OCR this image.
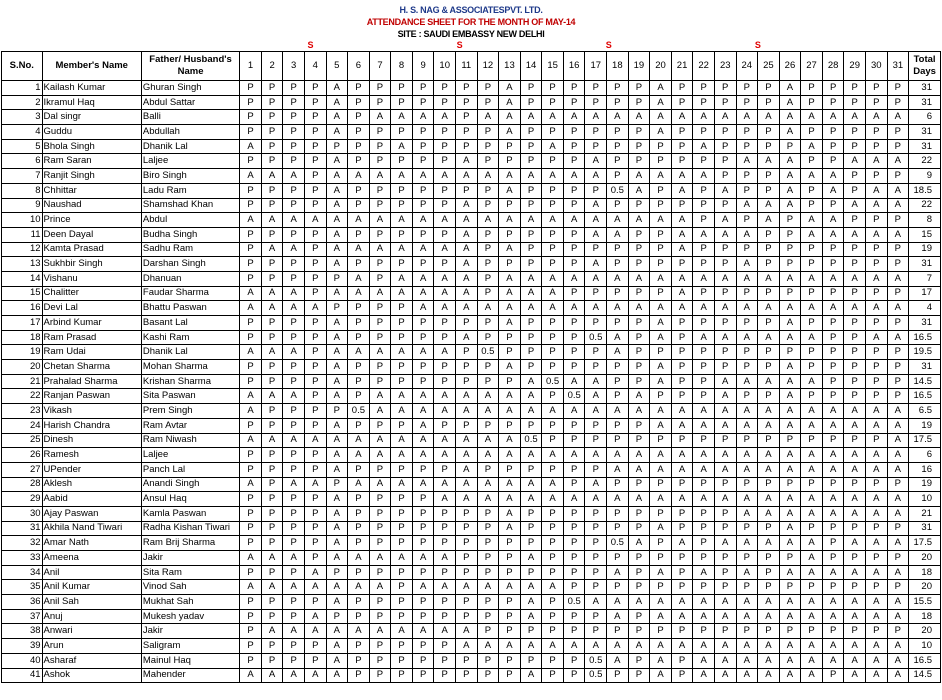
H. S. NAG & ASSOCIATESPVT. LTD.
ATTENDANCE SHEET FOR THE MONTH OF MAY-14
SITE : SAUDI EMBASSY NEW DELHI
S	S	S	S
S.No.	Member's Name	Father/ Husband's Name	1	2	3	4	5	6	7	8	9	10	11	12	13	14	15	16	17	18	19	20	21	22	23	24	25	26	27	28	29	30	31	Total Days
1	Kailash Kumar	Ghuran Singh	P	P	P	P	A	P	P	P	P	P	P	P	A	P	P	P	P	P	P	A	P	P	P	P	P	A	P	P	P	P	P	31
2	Ikramul Haq	Abdul Sattar	P	P	P	P	A	P	P	P	P	P	P	P	A	P	P	P	P	P	P	A	P	P	P	P	P	A	P	P	P	P	P	31
3	Dal singr	Balli	P	P	P	P	A	P	A	A	A	A	P	A	A	A	A	A	A	A	A	A	A	A	A	A	A	A	A	A	A	A	A	6
4	Guddu	Abdullah	P	P	P	P	A	P	P	P	P	P	P	P	A	P	P	P	P	P	P	A	P	P	P	P	P	A	P	P	P	P	P	31
5	Bhola Singh	Dhanik Lal	A	P	P	P	P	P	P	A	P	P	P	P	P	P	A	P	P	P	P	P	P	A	P	P	P	P	A	P	P	P	P	31
6	Ram Saran	Laljee	P	P	P	P	A	P	P	P	P	P	A	P	P	P	P	P	A	P	P	P	P	P	P	A	A	A	P	P	A	A	A	22
7	Ranjit Singh	Biro Singh	A	A	A	P	A	A	A	A	A	A	A	A	A	A	A	A	A	P	A	A	A	A	P	P	P	A	A	A	P	P	P	9
8	Chhittar	Ladu Ram	P	P	P	P	A	P	P	P	P	P	P	P	A	P	P	P	P	0.5	A	P	A	P	A	P	P	A	P	A	P	A	A	18.5
9	Naushad	Shamshad Khan	P	P	P	P	A	P	P	P	P	P	A	P	P	P	P	P	A	P	P	P	P	P	P	A	A	A	P	P	A	A	A	22
10	Prince	Abdul	A	A	A	A	A	A	A	A	A	A	A	A	A	A	A	A	A	A	A	A	A	P	A	P	A	P	A	A	P	P	P	8
11	Deen Dayal	Budha Singh	P	P	P	P	A	P	P	P	P	P	A	P	P	P	P	P	A	A	P	P	A	A	A	A	P	P	A	A	A	A	A	15
12	Kamta Prasad	Sadhu Ram	P	A	A	P	A	A	A	A	A	A	A	P	A	P	P	P	P	P	P	P	A	P	P	P	P	P	P	P	P	P	P	19
13	Sukhbir Singh	Darshan Singh	P	P	P	P	A	P	P	P	P	P	A	P	P	P	P	P	A	P	P	P	P	P	P	A	P	P	P	P	P	P	P	31
14	Vishanu	Dhanuan	P	P	P	P	P	A	P	A	A	A	A	P	A	A	A	A	A	A	A	A	A	A	A	A	A	A	A	A	A	A	A	7
15	Chalitter	Faudar Sharma	A	A	A	P	A	A	A	A	A	A	A	P	A	A	A	P	P	P	P	P	A	P	P	P	P	P	P	P	P	P	P	17
16	Devi Lal	Bhattu Paswan	A	A	A	A	P	P	P	P	A	A	A	A	A	A	A	A	A	A	A	A	A	A	A	A	A	A	A	A	A	A	A	4
17	Arbind Kumar	Basant Lal	P	P	P	P	A	P	P	P	P	P	P	P	A	P	P	P	P	P	P	A	P	P	P	P	P	A	P	P	P	P	P	31
18	Ram Prasad	Kashi Ram	P	P	P	P	A	P	P	P	P	P	A	P	P	P	P	P	0.5	A	P	A	P	A	A	A	A	A	A	P	P	A	A	16.5
19	Ram Udai	Dhanik Lal	A	A	A	P	A	A	A	A	A	A	P	0.5	P	P	P	P	P	A	P	P	P	P	P	P	P	P	P	P	P	P	P	19.5
20	Chetan Sharma	Mohan Sharma	P	P	P	P	A	P	P	P	P	P	P	P	A	P	P	P	P	P	P	A	P	P	P	P	P	A	P	P	P	P	P	31
21	Prahalad Sharma	Krishan Sharma	P	P	P	P	A	P	P	P	P	P	P	P	P	A	0.5	A	A	P	P	A	P	P	A	A	A	A	A	P	P	P	P	14.5
22	Ranjan Paswan	Sita Paswan	A	A	A	P	A	P	A	A	A	A	A	A	A	A	P	0.5	A	P	A	P	P	P	A	P	P	A	P	P	P	P	P	16.5
23	Vikash	Prem Singh	A	P	P	P	P	0.5	A	A	A	A	A	A	A	A	A	A	A	A	A	A	A	A	A	A	A	A	A	A	A	A	A	6.5
24	Harish Chandra	Ram Avtar	P	P	P	P	A	P	P	P	A	P	P	P	P	P	P	P	P	P	P	A	A	A	A	A	A	A	A	A	A	A	A	19
25	Dinesh	Ram Niwash	A	A	A	A	A	A	A	A	A	A	A	A	A	0.5	P	P	P	P	P	P	P	P	P	P	P	P	P	P	P	P	A	17.5
26	Ramesh	Laljee	P	P	P	P	A	A	A	A	A	A	A	A	A	A	A	A	A	A	A	A	A	A	A	A	A	A	A	A	A	A	A	6
27	UPender	Panch Lal	P	P	P	P	A	P	P	P	P	P	A	P	P	P	P	P	P	A	A	A	A	A	A	A	A	A	A	A	A	A	A	16
28	Aklesh	Anandi Singh	A	P	A	A	P	A	A	A	A	A	A	A	A	A	A	P	A	P	P	P	P	P	P	P	P	P	P	P	P	P	P	19
29	Aabid	Ansul Haq	P	P	P	P	A	P	P	P	P	A	A	A	A	A	A	A	A	A	A	A	A	A	A	A	A	A	A	A	A	A	A	10
30	Ajay Paswan	Kamla Paswan	P	P	P	P	A	P	P	P	P	P	P	P	A	P	P	P	P	P	P	P	P	P	P	A	A	A	A	A	A	A	A	21
31	Akhila Nand Tiwari	Radha Kishan Tiwari	P	P	P	P	A	P	P	P	P	P	P	P	A	P	P	P	P	P	P	A	P	P	P	P	P	A	P	P	P	P	P	31
32	Amar Nath	Ram Brij Sharma	P	P	P	P	A	P	P	P	P	P	P	P	P	P	P	P	P	0.5	A	P	A	P	A	A	A	A	A	P	A	A	A	17.5
33	Ameena	Jakir	A	A	A	P	A	A	A	A	A	A	P	P	P	A	P	P	P	P	P	P	P	P	P	P	P	P	A	P	P	P	P	20
34	Anil	Sita Ram	P	P	P	A	P	P	P	P	P	P	P	P	P	P	P	P	P	A	P	A	P	A	P	A	P	A	A	A	A	A	A	18
35	Anil Kumar	Vinod Sah	A	A	A	A	A	A	A	P	A	A	A	A	A	A	A	P	P	P	P	P	P	P	P	P	P	P	P	P	P	P	P	20
36	Anil Sah	Mukhat Sah	P	P	P	P	A	P	P	P	P	P	P	P	P	A	P	0.5	A	A	A	A	A	A	A	A	A	A	A	A	A	A	A	15.5
37	Anuj	Mukesh yadav	P	P	P	A	P	P	P	P	P	P	P	P	P	A	P	P	P	A	P	A	A	A	A	A	A	A	A	A	A	A	A	18
38	Anwari	Jakir	P	A	A	A	A	A	A	A	A	A	A	P	P	P	P	P	P	P	P	P	P	P	P	P	P	P	P	P	P	P	P	20
39	Arun	Saligram	P	P	P	P	A	P	P	P	P	P	A	A	A	A	A	A	A	A	A	A	A	A	A	A	A	A	A	A	A	A	A	10
40	Asharaf	Mainul Haq	P	P	P	P	A	P	P	P	P	P	P	P	P	P	P	P	0.5	A	P	A	P	A	A	A	A	A	A	A	A	A	A	16.5
41	Ashok	Mahender	A	A	A	A	A	P	P	P	P	P	P	P	P	A	P	P	0.5	P	P	A	P	A	A	A	A	A	A	P	A	A	A	14.5
